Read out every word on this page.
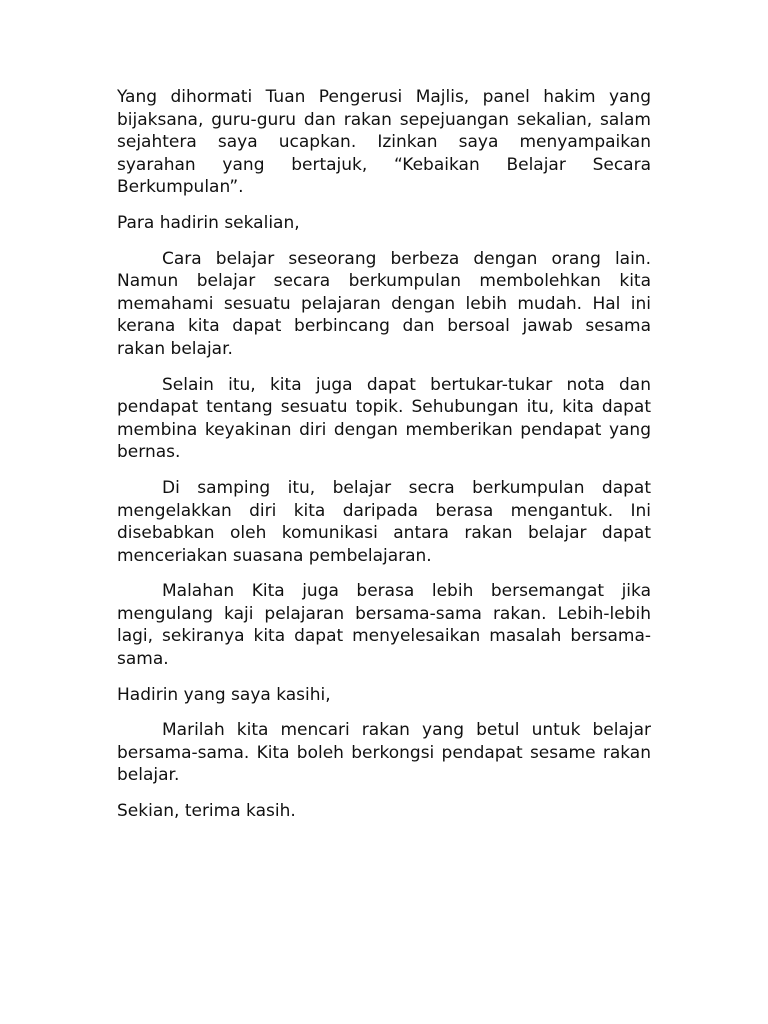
Yang dihormati Tuan Pengerusi Majlis, panel hakim yang bijaksana, guru-guru dan rakan sepejuangan sekalian, salam sejahtera saya ucapkan. Izinkan saya menyampaikan syarahan yang bertajuk, “Kebaikan Belajar Secara Berkumpulan”.

Para hadirin sekalian,

Cara belajar seseorang berbeza dengan orang lain. Namun belajar secara berkumpulan membolehkan kita memahami sesuatu pelajaran dengan lebih mudah. Hal ini kerana kita dapat berbincang dan bersoal jawab sesama rakan belajar.

Selain itu, kita juga dapat bertukar-tukar nota dan pendapat tentang sesuatu topik. Sehubungan itu, kita dapat membina keyakinan diri dengan memberikan pendapat yang bernas.

Di samping itu, belajar secra berkumpulan dapat mengelakkan diri kita daripada berasa mengantuk. Ini disebabkan oleh komunikasi antara rakan belajar dapat menceriakan suasana pembelajaran.

Malahan Kita juga berasa lebih bersemangat jika mengulang kaji pelajaran bersama-sama rakan. Lebih-lebih lagi, sekiranya kita dapat menyelesaikan masalah bersama-sama.

Hadirin yang saya kasihi,

Marilah kita mencari rakan yang betul untuk belajar bersama-sama. Kita boleh berkongsi pendapat sesame rakan belajar.

Sekian, terima kasih.
